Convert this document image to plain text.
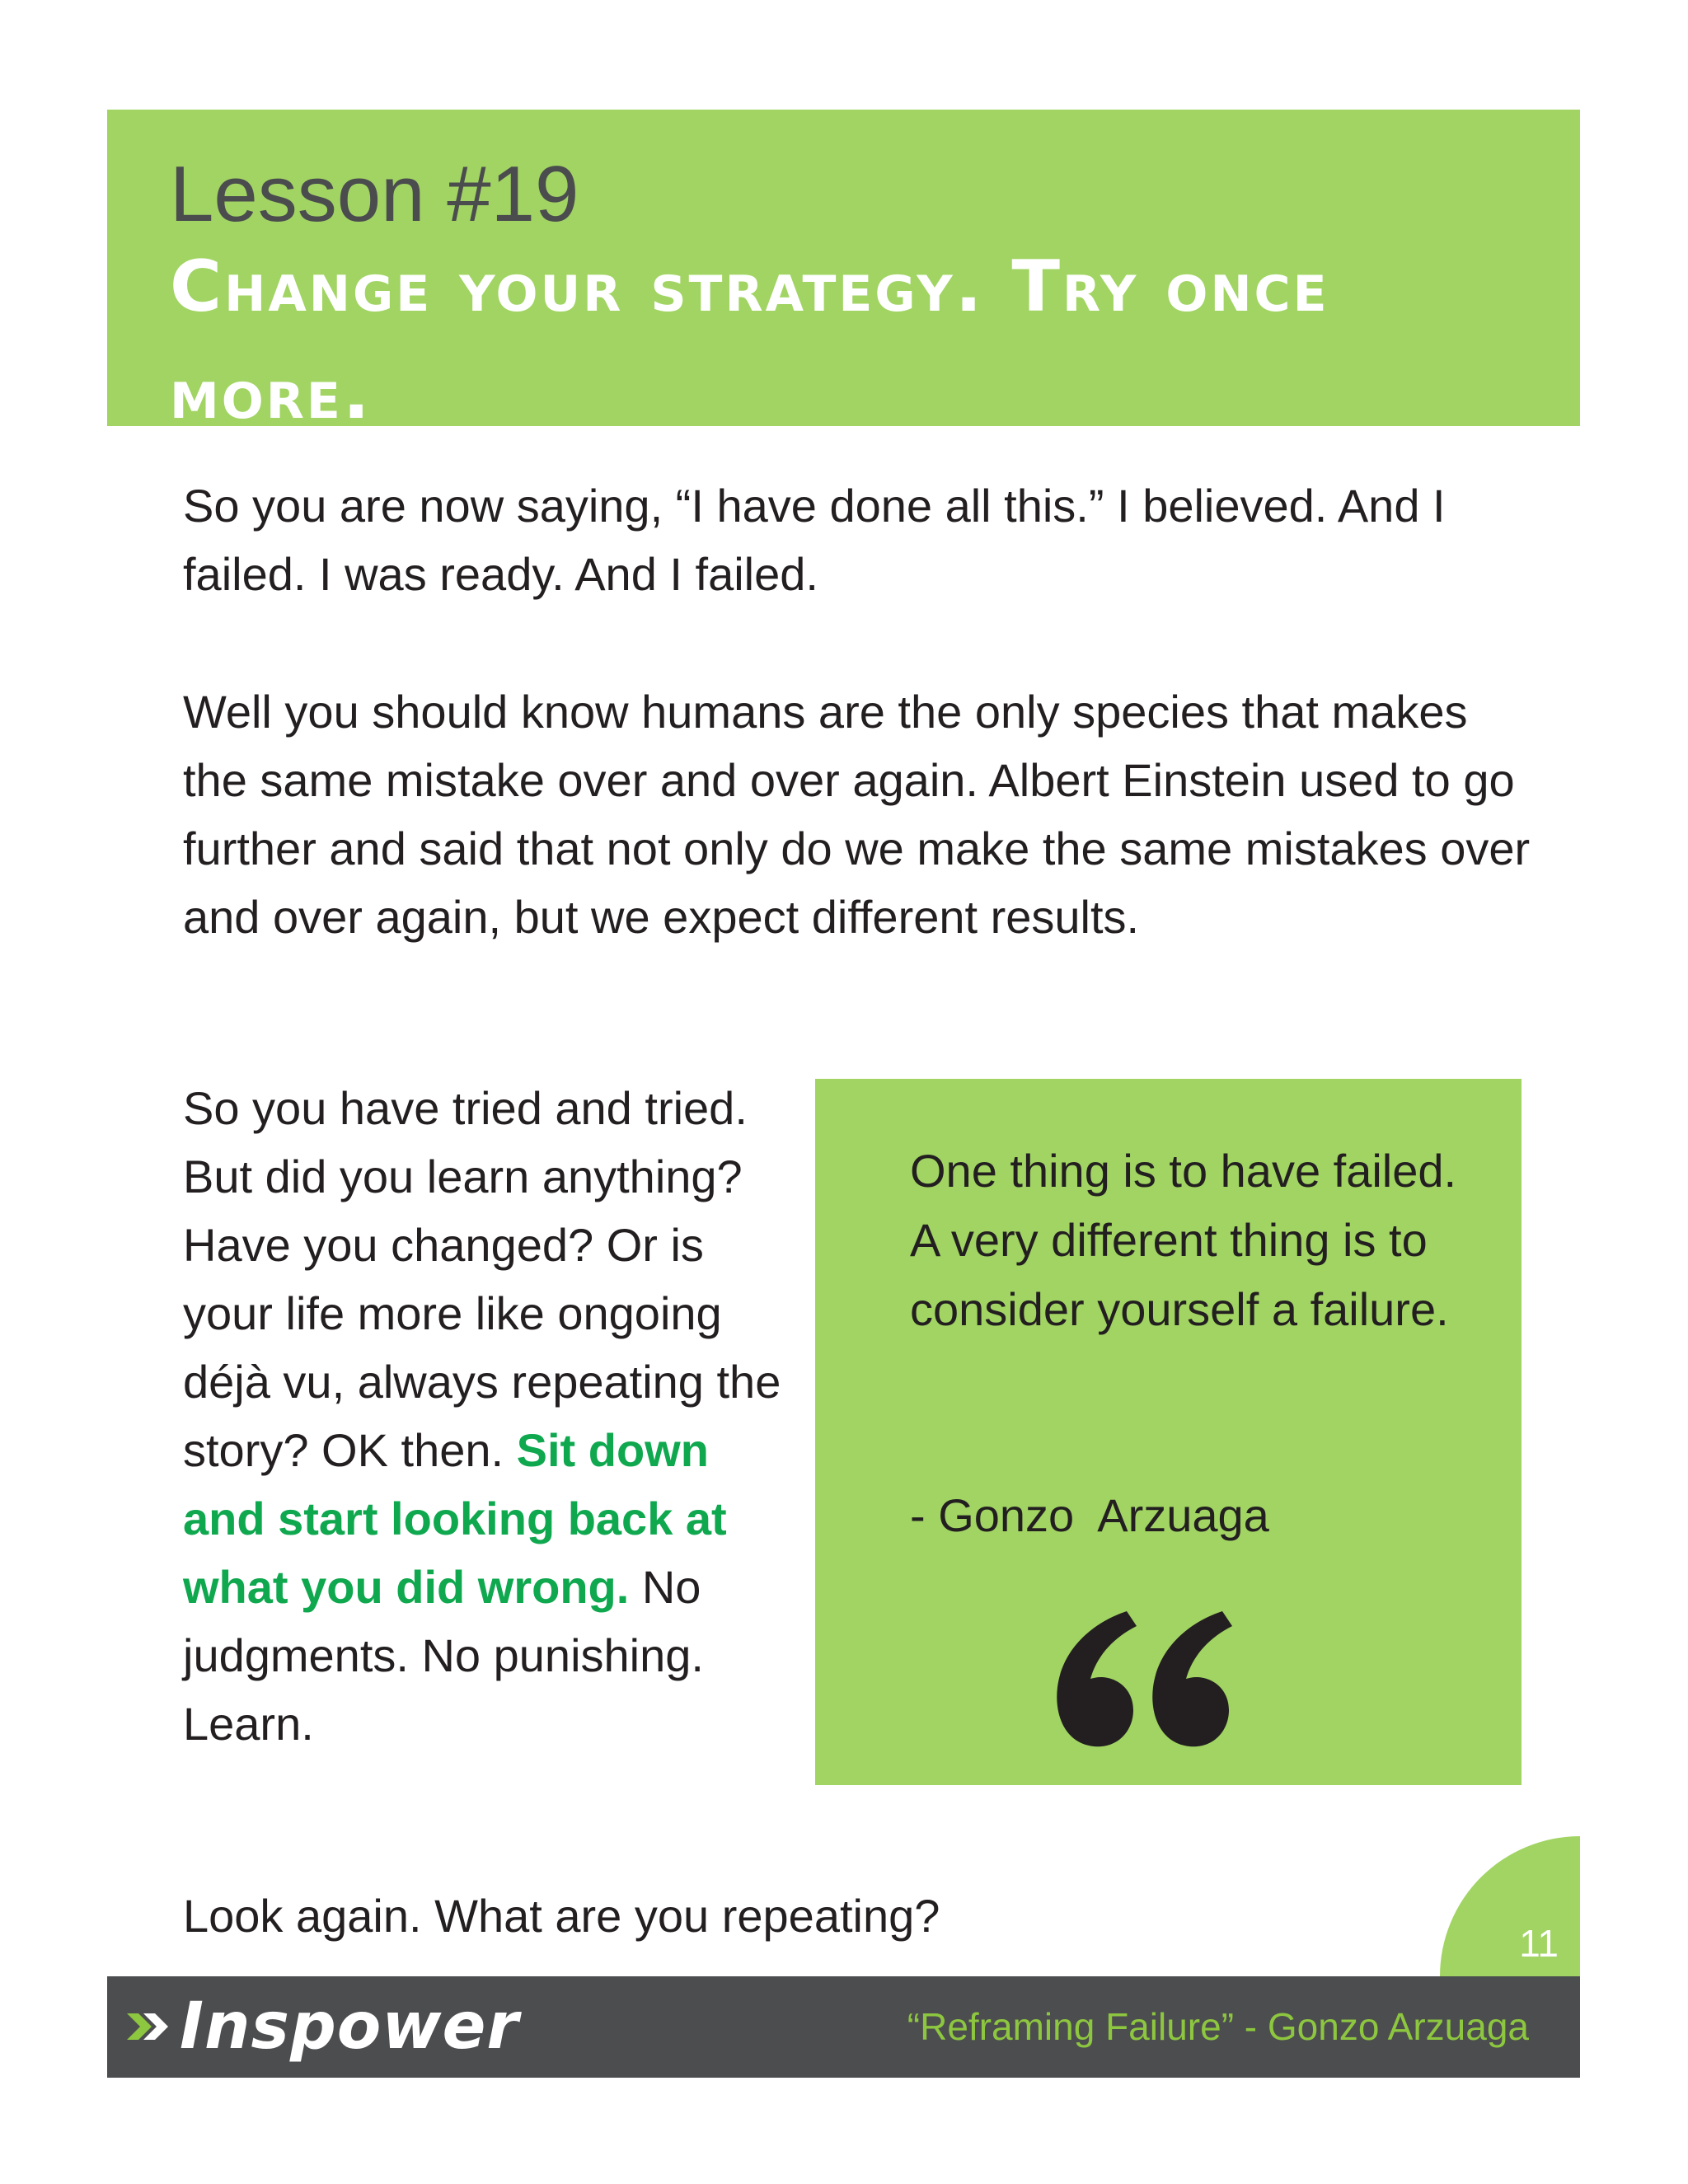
Lesson #19
Change your strategy. Try once more.

So you are now saying, “I have done all this.” I believed. And I failed. I was ready. And I failed.

Well you should know humans are the only species that makes the same mistake over and over again. Albert Einstein used to go further and said that not only do we make the same mistakes over and over again, but we expect different results.

So you have tried and tried. But did you learn anything? Have you changed? Or is your life more like ongoing déjà vu, always repeating the story? OK then. Sit down and start looking back at what you did wrong. No judgments. No punishing. Learn.

One thing is to have failed. A very different thing is to consider yourself a failure.

- Gonzo  Arzuaga

Look again. What are you repeating?

11
Inspower	“Reframing Failure” - Gonzo Arzuaga
